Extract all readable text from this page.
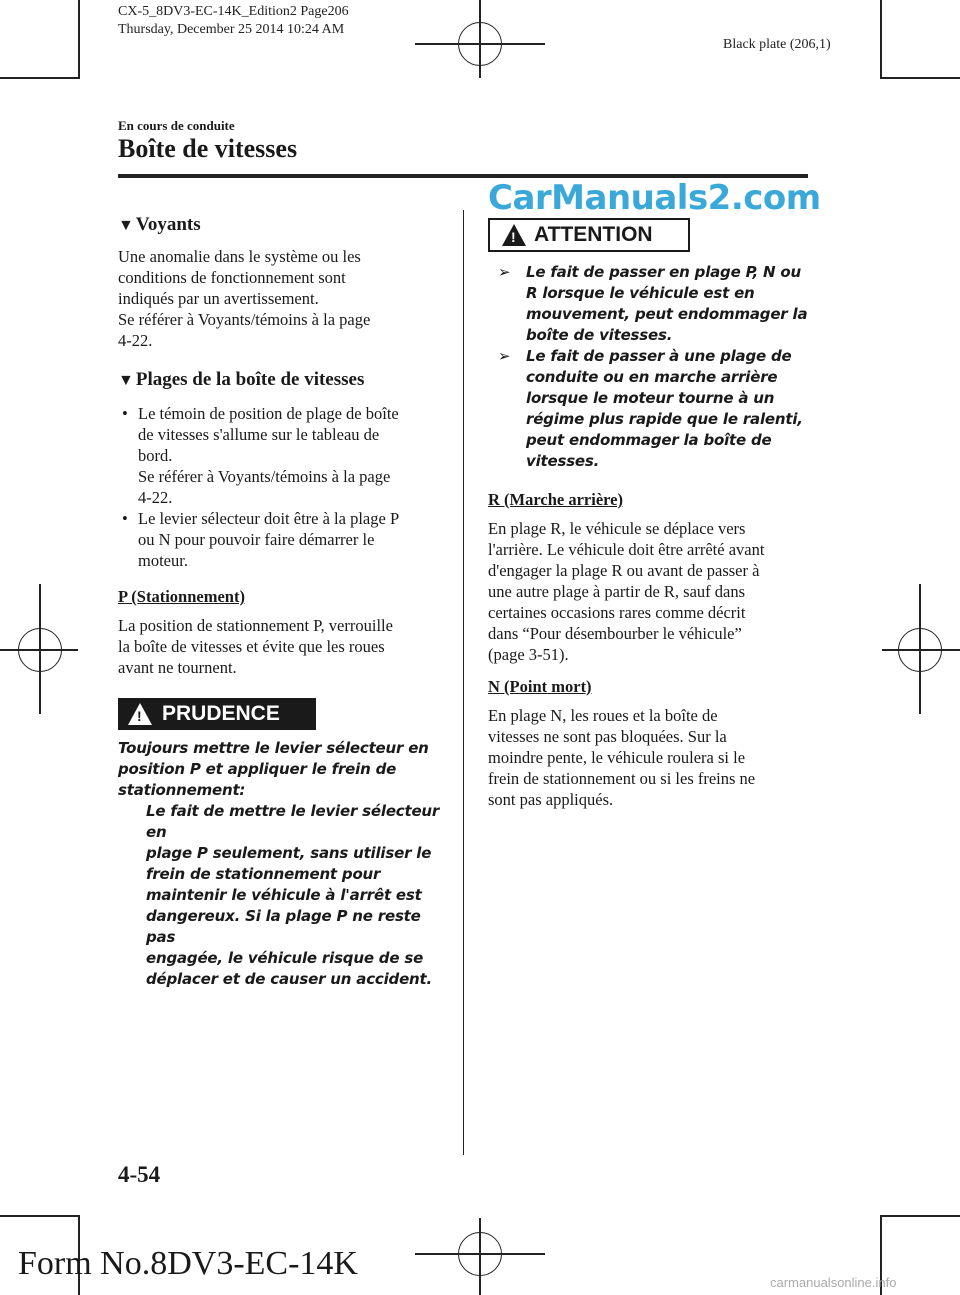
CX-5_8DV3-EC-14K_Edition2 Page206
Thursday, December 25 2014 10:24 AM
Black plate (206,1)
En cours de conduite
Boîte de vitesses
CarManuals2.com
▼ Voyants
Une anomalie dans le système ou les
conditions de fonctionnement sont
indiqués par un avertissement.
Se référer à Voyants/témoins à la page
4-22.
▼ Plages de la boîte de vitesses
• Le témoin de position de plage de boîte
de vitesses s'allume sur le tableau de
bord.
Se référer à Voyants/témoins à la page
4-22.
• Le levier sélecteur doit être à la plage P
ou N pour pouvoir faire démarrer le
moteur.
P (Stationnement)
La position de stationnement P, verrouille
la boîte de vitesses et évite que les roues
avant ne tournent.
! PRUDENCE
Toujours mettre le levier sélecteur en
position P et appliquer le frein de
stationnement:
Le fait de mettre le levier sélecteur en
plage P seulement, sans utiliser le
frein de stationnement pour
maintenir le véhicule à l'arrêt est
dangereux. Si la plage P ne reste pas
engagée, le véhicule risque de se
déplacer et de causer un accident.
! ATTENTION
➢ Le fait de passer en plage P, N ou
R lorsque le véhicule est en
mouvement, peut endommager la
boîte de vitesses.
➢ Le fait de passer à une plage de
conduite ou en marche arrière
lorsque le moteur tourne à un
régime plus rapide que le ralenti,
peut endommager la boîte de
vitesses.
R (Marche arrière)
En plage R, le véhicule se déplace vers
l'arrière. Le véhicule doit être arrêté avant
d'engager la plage R ou avant de passer à
une autre plage à partir de R, sauf dans
certaines occasions rares comme décrit
dans “Pour désembourber le véhicule”
(page 3-51).
N (Point mort)
En plage N, les roues et la boîte de
vitesses ne sont pas bloquées. Sur la
moindre pente, le véhicule roulera si le
frein de stationnement ou si les freins ne
sont pas appliqués.
4-54
Form No.8DV3-EC-14K
carmanualsonline.info
